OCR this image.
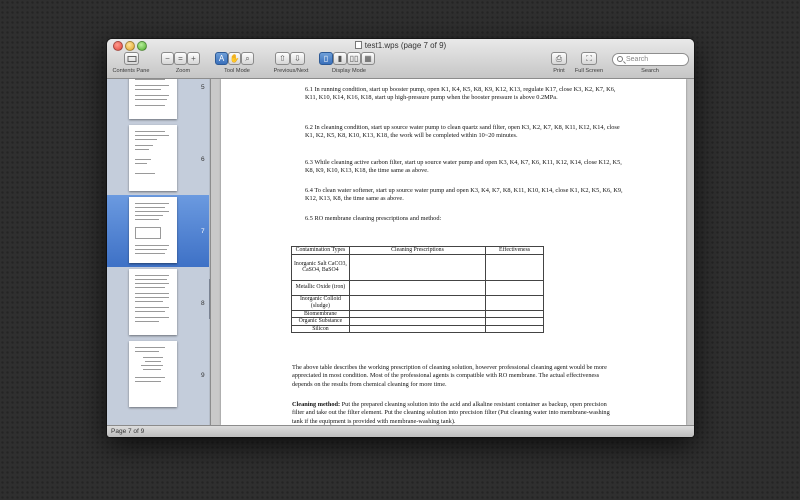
test1.wps (page 7 of 9)
Contents Pane
− = +
Zoom
A ✋ ⌕
Tool Mode
⇧ ⇩
Previous/Next
▯ ▮ ▯▯ ▦
Display Mode
⎙
Print
⛶
Full Screen
Search
Search
5
6
7
8
9

6.1 In running condition, start up booster pump, open K1, K4, K5, K8, K9, K12, K13, regulate K17, close K3, K2, K7, K6, K11, K10, K14, K16, K18, start up high-pressure pump when the booster pressure is above 0.2MPa.

6.2 In cleaning condition, start up source water pump to clean quartz sand filter, open K3, K2, K7, K8, K11, K12, K14, close K1, K2, K5, K8, K10, K13, K18, the work will be completed within 10~20 minutes.

6.3 While cleaning active carbon filter, start up source water pump and open K3, K4, K7, K6, K11, K12, K14, close K12, K5, K8, K9, K10, K13, K18, the time same as above.

6.4 To clean water softener, start up source water pump and open K3, K4, K7, K8, K11, K10, K14, close K1, K2, K5, K6, K9, K12, K13, K8, the time same as above.

6.5 RO membrane cleaning prescriptions and method:

Contamination Types	Cleaning Prescriptions	Effectiveness
Inorganic Salt CaCO3, CaSO4, BaSO4		
Metallic Oxide (iron)		
Inorganic Colloid (sludge)		
Biomembrane		
Organic Substance		
Silicon		

The above table describes the working prescription of cleaning solution, however professional cleaning agent would be more appreciated in most condition. Most of the professional agents is compatible with RO membrane. The actual effectiveness depends on the results from chemical cleaning for more time.

Cleaning method: Put the prepared cleaning solution into the acid and alkaline resistant container as backup, open precision filter and take out the filter element. Put the cleaning solution into precision filter (Put cleaning water into membrane-washing tank if the equipment is provided with membrane-washing tank).

Page 7 of 9
